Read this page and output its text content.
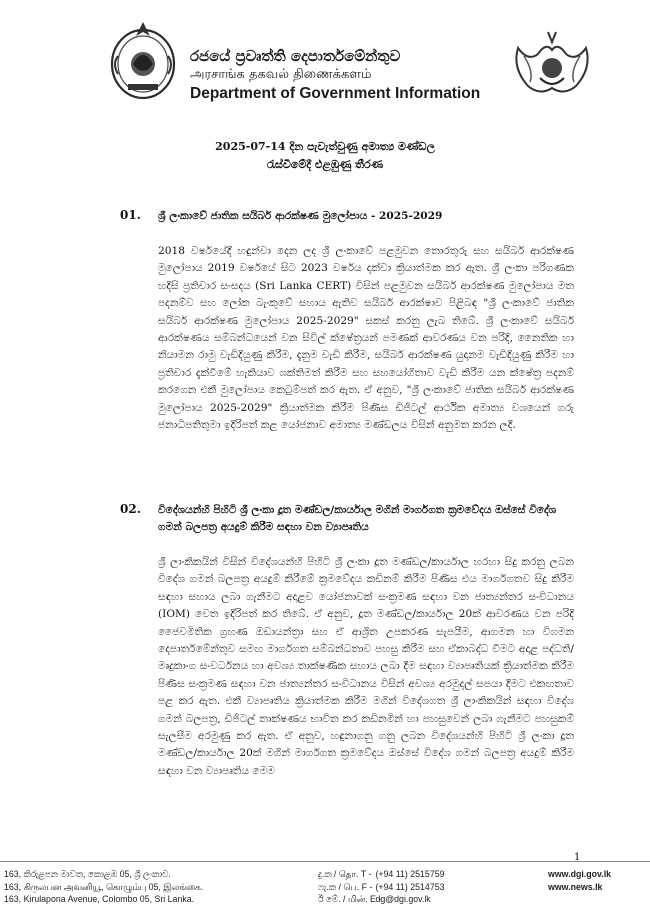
රජයේ ප්‍රවෘත්ති දෙපාර්තමේන්තුව
அரசாங்க தகவல் திணைக்களம்
Department of Government Information
2025-07-14 දින පැවැත්වුණු අමාත්‍ය මණ්ඩල
රැස්වීමේදී එළඹුණු තීරණ
01. ශ්‍රී ලංකාවේ ජාතික සයිබර් ආරක්ෂණ මුලෝපාය - 2025-2029

2018 වර්ෂයේදී හඳුන්වා දෙන ලද ශ්‍රී ලංකාවේ පළමුවන තොරතුරු සහ සයිබර් ආරක්ෂණ මුලෝපාය 2019 වර්ෂයේ සිට 2023 වර්ෂය දක්වා ක්‍රියාත්මක කර ඇත. ශ්‍රී ලංකා පරිගණක හදිසි ප්‍රතිචාර සංසදය (Sri Lanka CERT) විසින් පළමුවන සයිබර් ආරක්ෂණ මුලෝපාය මත පදනම්ව සහ ලෝක බැංකුවේ සහාය ඇතිව සයිබර් ආරක්ෂාව පිළිබඳ "ශ්‍රී ලංකාවේ ජාතික සයිබර් ආරක්ෂණ මුලෝපාය 2025-2029" සකස් කරනු ලැබ තිබේ. ශ්‍රී ලංකාවේ සයිබර් ආරක්ෂණය සම්බන්ධයෙන් වන සිවිල් ක්ෂේත්‍රයන් පමණක් ආවරණය වන පරිදි, නෛතික හා නියාමන රාමු වැඩිදියුණු කිරීම, දැනුම වැඩි කිරීම, සයිබර් ආරක්ෂණ යුදානම වැඩිදියුණු කිරීම හා ප්‍රතිචාර දැක්වීමේ හැකියාව ශක්තිමත් කිරීම සහ සහයෝගිතාව වැඩි කිරීම යන ක්ෂේත්‍ර පදනම් කරගෙන එකී මුලෝපාය කෙටුම්පත් කර ඇත. ඒ අනුව, "ශ්‍රී ලංකාවේ ජාතික සයිබර් ආරක්ෂණ මුලෝපාය 2025-2029" ක්‍රියාත්මක කිරීම පිණිස ඩිජිටල් ආර්ථික අමාත්‍ය වශයෙන් ගරු ජනාධිපතිතුමා ඉදිරිපත් කළ යෝජනාව අමාත්‍ය මණ්ඩලය විසින් අනුමත කරන ලදී.

02. විදේශයන්හි පිහිටි ශ්‍රී ලංකා දූත මණ්ඩල/කාර්යාල මගින් මාර්ගගත ක්‍රමවේදය ඔස්සේ විදේශ ගමන් බලපත්‍ර අයදුම් කිරීම සඳහා වන ව්‍යාපෘතිය

ශ්‍රී ලාංකිකයින් විසින් විදේශයන්හි පිහිටි ශ්‍රී ලංකා දූත මණ්ඩල/කාර්යාල හරහා සිදු කරනු ලබන විදේශ ගමන් බලපත්‍ර අයදුම් කිරීමේ ක්‍රමවේදය කඩිනම් කිරීම පිණිස එය මාර්ගගතව සිදු කිරීම සඳහා සහාය ලබා ගැනීමට අදාළව යෝජනාවක් සංක්‍රමණ සඳහා වන ජාත්‍යන්තර සංවිධානය (IOM) වෙත ඉදිරිපත් කර තිබේ. ඒ අනුව, දූත මණ්ඩල/කාර්යාල 20ක් ආවරණය වන පරිදි ජෛවමිතික ග්‍රහණ ඔඩායන්ත්‍රා සහ ඒ ආශ්‍රිත උපකරණ සැපයීම, ආගමන හා විගමන දෙපාර්තමේන්තුව සමඟ මාර්ගගත සම්බන්ධතාව පහසු කිරීම සහ ඒකාබද්ධ වීමට අදාළ පද්ධති/මෘදුකාංග සංවර්ධනය හා අවශ්‍ය තාක්ෂණික සහාය ලබා දීම සඳහා ව්‍යාපෘතියක් ක්‍රියාත්මක කිරීම පිණිස සංක්‍රමණ සඳහා වන ජාත්‍යන්තර සංවිධානය විසින් අවශ්‍ය අරමුදල් සපයා දීමට එකඟතාව පළ කර ඇත. එකී ව්‍යාපෘතිය ක්‍රියාත්මක කිරීම මගින් විදේශගත ශ්‍රී ලාංකිකයින් සඳහා විදේශ ගමන් බලපත්‍ර, ඩිජිටල් තාක්ෂණය භාවිත කර කඩිනමින් හා පහසුවෙන් ලබා ගැනීමට පහසුකම් සැලසීම අරමුණු කර ඇත. ඒ අනුව, හඳුනාගනු ගනු ලබන විදේශයන්හි පිහිටි ශ්‍රී ලංකා දූත මණ්ඩල/කාර්යාල 20ක් මගින් මාර්ගගත ක්‍රමවේදය ඔස්සේ විදේශ ගමන් බලපත්‍ර අයදුම් කිරීම සඳහා වන ව්‍යාපෘතිය මෙම

1
163, කිරුළපන මාවත, කොළඹ 05, ශ්‍රී ලංකාව.
163, கிருலபன அவனியூ, கொழும்பு 05, இலங்கை.
163, Kirulapona Avenue, Colombo 05, Sri Lanka.
දු.ක / தொ. T - (+94 11) 2515759
ෆැ.ක / பெ. F - (+94 11) 2514753
ඊ මේ. / மின். E - dg@dgi.gov.lk
www.dgi.gov.lk
www.news.lk
